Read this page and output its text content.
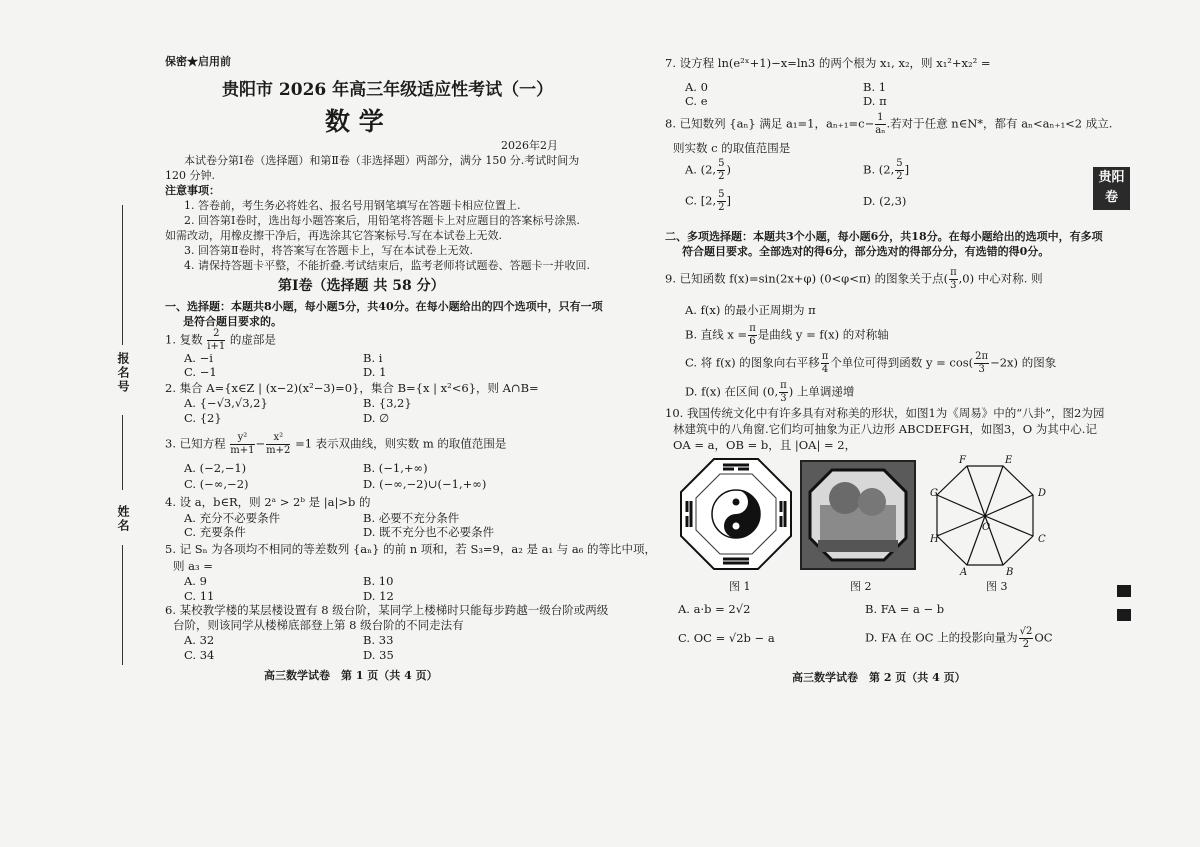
保密★启用前
贵阳市 2026 年高三年级适应性考试（一）
数 学
2026年2月
本试卷分第Ⅰ卷（选择题）和第Ⅱ卷（非选择题）两部分，满分 150 分.考试时间为
120 分钟.
注意事项：
1. 答卷前，考生务必将姓名、报名号用钢笔填写在答题卡相应位置上.
2. 回答第Ⅰ卷时，选出每小题答案后，用铅笔将答题卡上对应题目的答案标号涂黑.
如需改动，用橡皮擦干净后，再选涂其它答案标号.写在本试卷上无效.
3. 回答第Ⅱ卷时，将答案写在答题卡上，写在本试卷上无效.
4. 请保持答题卡平整，不能折叠.考试结束后，监考老师将试题卷、答题卡一并收回.
第Ⅰ卷（选择题 共 58 分）
一、选择题：本题共8小题，每小题5分，共40分。在每小题给出的四个选项中，只有一项
是符合题目要求的。
1. 复数 $\frac{2}{i+1}$ 的虚部是
A. −i	B. i
C. −1	D. 1
2. 集合 A={x∈Z | (x−2)(x²−3)=0}，集合 B={x | x²<6}，则 A∩B=
A. {−√3,√3,2}	B. {3,2}
C. {2}	D. ∅
3. 已知方程 $\frac{\text{y²}}{m+1} - \frac{\text{x²}}{m+2} =1$ 表示双曲线，则实数 m 的取值范围是
A. (−2,−1)	B. (−1,+∞)
C. (−∞,−2)	D. (−∞,−2)∪(−1,+∞)
4. 设 a，b∈R，则 2ᵃ > 2ᵇ 是 |a|>b 的
A. 充分不必要条件	B. 必要不充分条件
C. 充要条件	D. 既不充分也不必要条件
5. 记 Sₙ 为各项均不相同的等差数列 {aₙ} 的前 n 项和，若 S₃=9，a₂ 是 a₁ 与 a₆ 的等比中项，
则 a₃ =
A. 9	B. 10
C. 11	D. 12
6. 某校教学楼的某层楼设置有 8 级台阶，某同学上楼梯时只能每步跨越一级台阶或两级
台阶，则该同学从楼梯底部登上第 8 级台阶的不同走法有
A. 32	B. 33
C. 34	D. 35
高三数学试卷　第 1 页（共 4 页）
报名号
姓名
7. 设方程 ln(e²ˣ+1)−x=ln3 的两个根为 x₁, x₂，则 x₁²+x₂² =
A. 0	B. 1
C. e	D. π
8. 已知数列 {aₙ} 满足 a₁=1，$a_{n+1}=c- \frac{1}{\text{aₙ}}$ .若对于任意 n∈N*，都有 aₙ<aₙ₊₁<2 成立.
则实数 c 的取值范围是
A. (2, $\frac{5}{2}$ )	B. (2, $\frac{5}{2}$ ]
C. [2, $\frac{5}{2}$ ]	D. (2,3)
二、多项选择题：本题共3个小题，每小题6分，共18分。在每小题给出的选项中，有多项
符合题目要求。全部选对的得6分，部分选对的得部分分，有选错的得0分。
9. 已知函数 f(x)=sin(2x+φ) (0<φ<π) 的图象关于点( $\frac{\pi}{3} ,0$) 中心对称. 则
A. f(x) 的最小正周期为 π
B. 直线 $x = \frac{\pi}{6}$ 是曲线 y = f(x) 的对称轴
C. 将 f(x) 的图象向右平移 $\frac{\pi}{4}$ 个单位可得到函数 $y = \cos( \frac{2\pi}{3} -2x)$ 的图象
D. f(x) 在区间 (0, $\frac{\pi}{3}$ ) 上单调递增
10. 我国传统文化中有许多具有对称美的形状，如图1为《周易》中的“八卦”，图2为园
林建筑中的八角窗.它们均可抽象为正八边形 ABCDEFGH，如图3，O 为其中心.记
OA = a，OB = b，且 |OA| = 2，
图 1	图 2
A	B
C
D
E
F
G
H
O
图 3
A. a·b = 2√2	B. FA = a − b
C. OC = √2b − a	D. FA 在 OC 上的投影向量为 $\frac{√2}{2}$ OC
高三数学试卷　第 2 页（共 4 页）
贵阳
卷
